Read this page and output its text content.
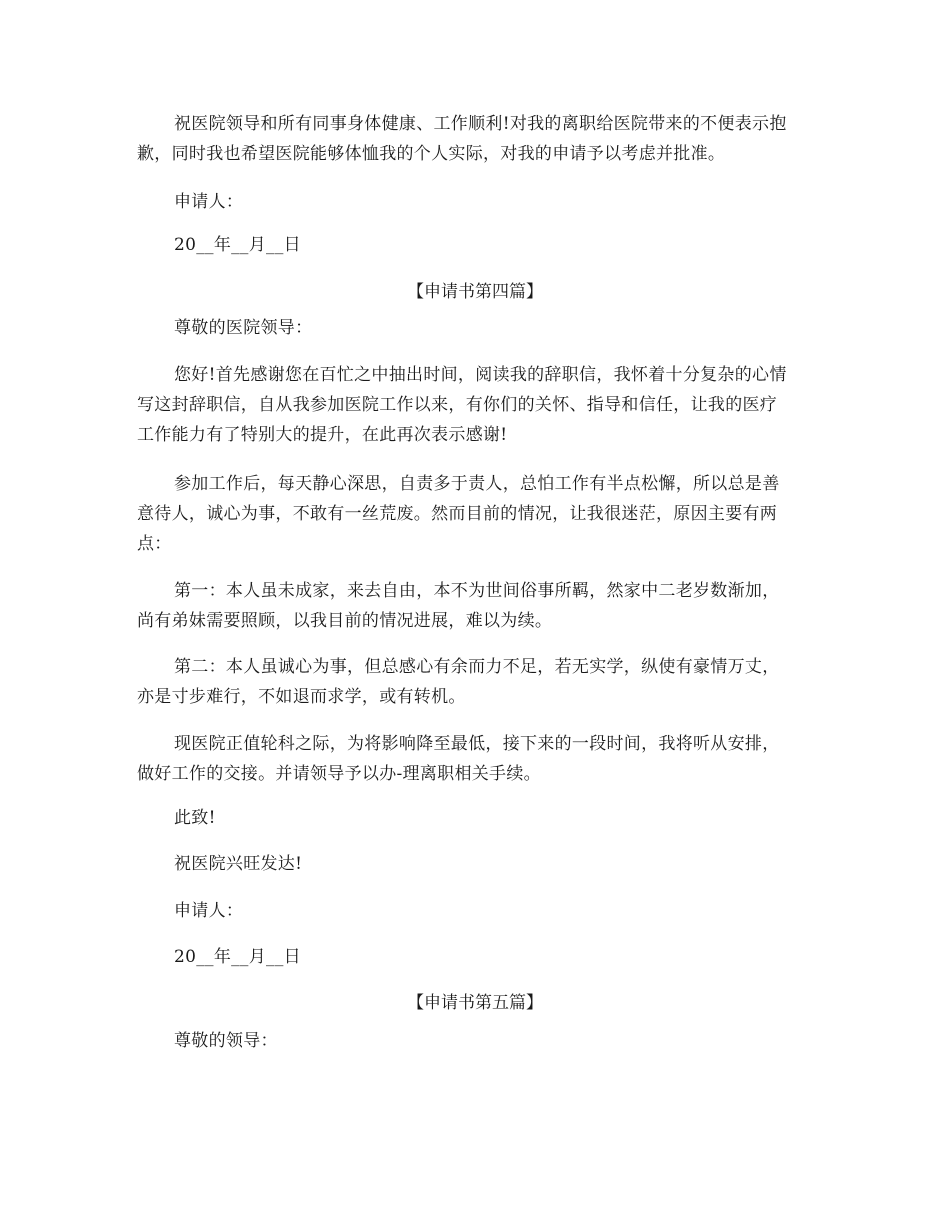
祝医院领导和所有同事身体健康、工作顺利!对我的离职给医院带来的不便表示抱
歉，同时我也希望医院能够体恤我的个人实际，对我的申请予以考虑并批准。

申请人：

20__年__月__日

【申请书第四篇】

尊敬的医院领导：

您好!首先感谢您在百忙之中抽出时间，阅读我的辞职信，我怀着十分复杂的心情
写这封辞职信，自从我参加医院工作以来，有你们的关怀、指导和信任，让我的医疗
工作能力有了特别大的提升，在此再次表示感谢!

参加工作后，每天静心深思，自责多于责人，总怕工作有半点松懈，所以总是善
意待人，诚心为事，不敢有一丝荒废。然而目前的情况，让我很迷茫，原因主要有两
点：

第一：本人虽未成家，来去自由，本不为世间俗事所羁，然家中二老岁数渐加，
尚有弟妹需要照顾，以我目前的情况进展，难以为续。

第二：本人虽诚心为事，但总感心有余而力不足，若无实学，纵使有豪情万丈，
亦是寸步难行，不如退而求学，或有转机。

现医院正值轮科之际，为将影响降至最低，接下来的一段时间，我将听从安排，
做好工作的交接。并请领导予以办-理离职相关手续。

此致!

祝医院兴旺发达!

申请人：

20__年__月__日

【申请书第五篇】

尊敬的领导：
